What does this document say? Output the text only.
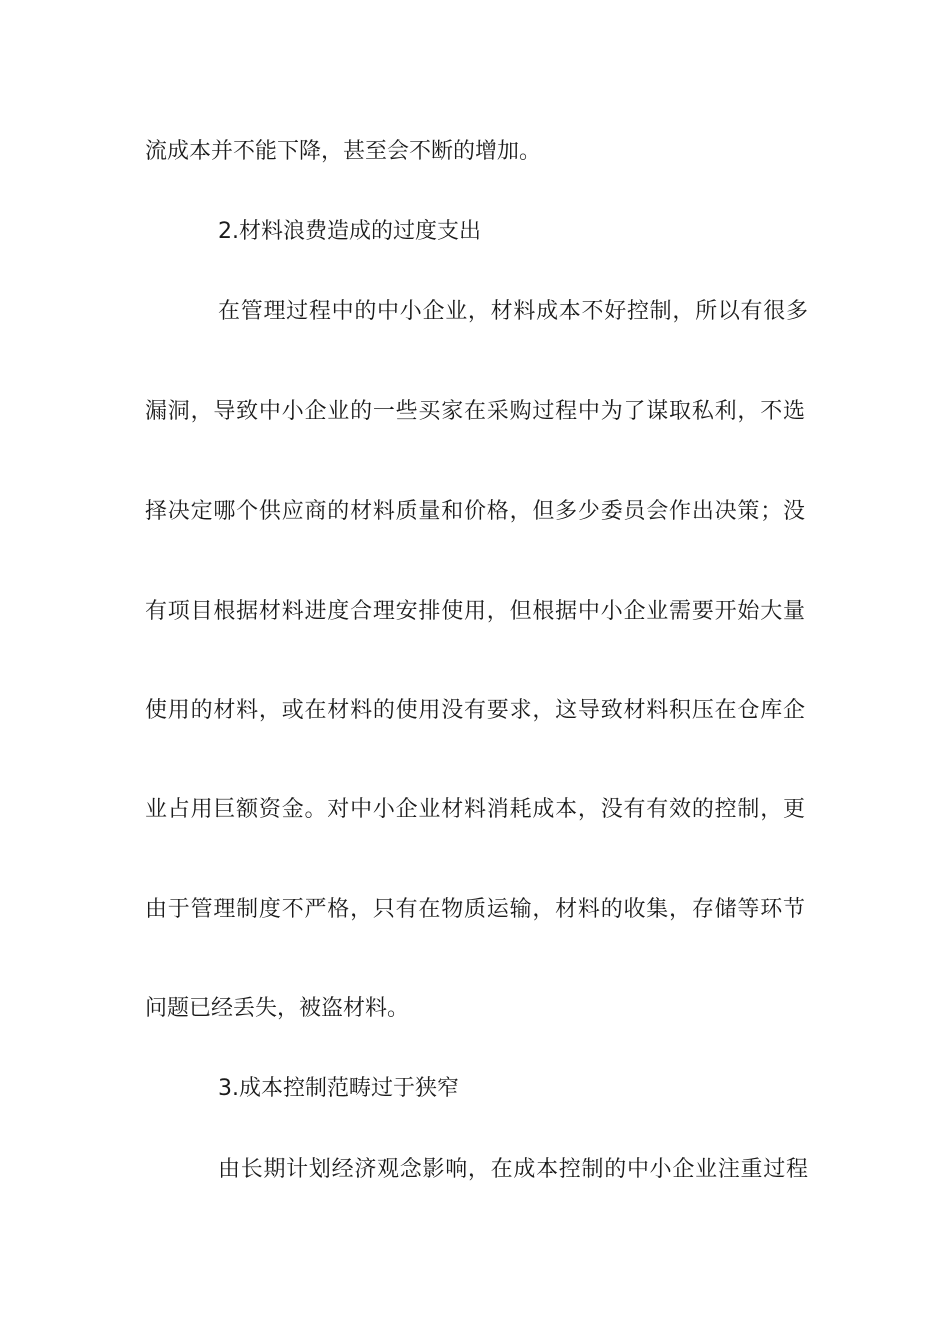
流成本并不能下降，甚至会不断的增加。
2.材料浪费造成的过度支出
在管理过程中的中小企业，材料成本不好控制，所以有很多
漏洞，导致中小企业的一些买家在采购过程中为了谋取私利，不选
择决定哪个供应商的材料质量和价格，但多少委员会作出决策；没
有项目根据材料进度合理安排使用，但根据中小企业需要开始大量
使用的材料，或在材料的使用没有要求，这导致材料积压在仓库企
业占用巨额资金。对中小企业材料消耗成本，没有有效的控制，更
由于管理制度不严格，只有在物质运输，材料的收集，存储等环节
问题已经丢失，被盗材料。
3.成本控制范畴过于狭窄
由长期计划经济观念影响，在成本控制的中小企业注重过程
